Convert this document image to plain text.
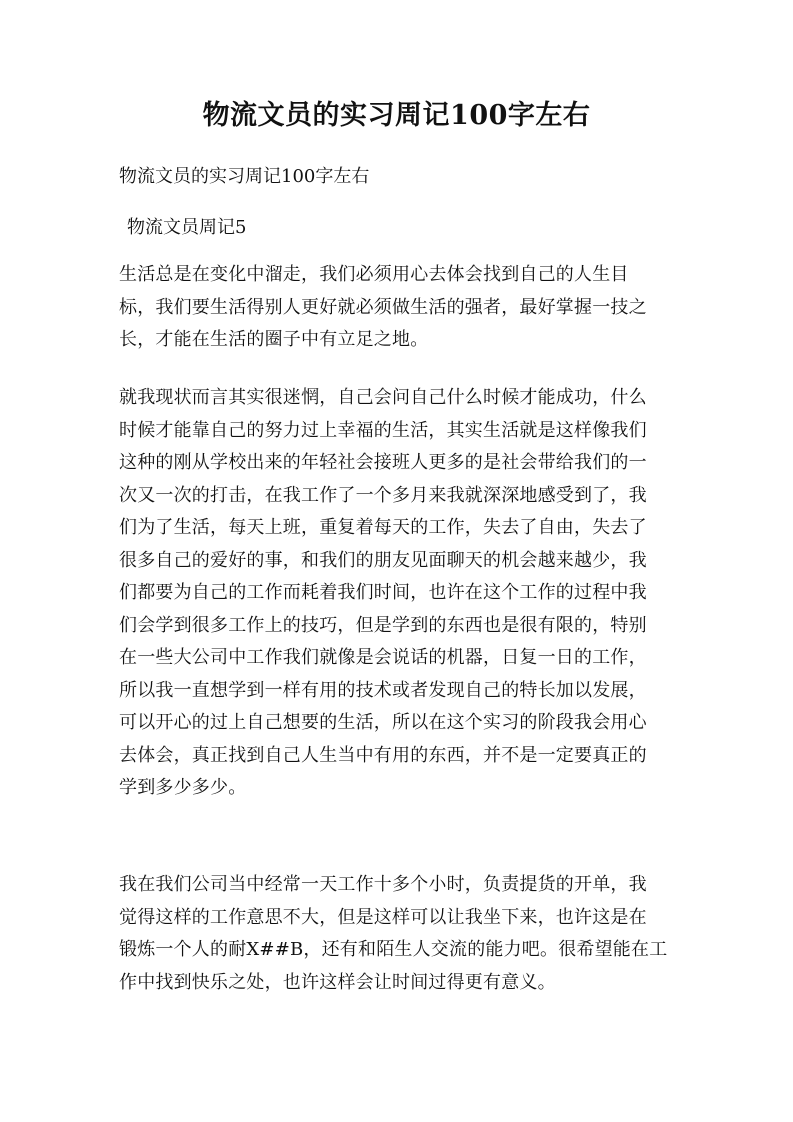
物流文员的实习周记100字左右

物流文员的实习周记100字左右

物流文员周记5

生活总是在变化中溜走，我们必须用心去体会找到自己的人生目
标，我们要生活得别人更好就必须做生活的强者，最好掌握一技之
长，才能在生活的圈子中有立足之地。
就我现状而言其实很迷惘，自己会问自己什么时候才能成功，什么
时候才能靠自己的努力过上幸福的生活，其实生活就是这样像我们
这种的刚从学校出来的年轻社会接班人更多的是社会带给我们的一
次又一次的打击，在我工作了一个多月来我就深深地感受到了，我
们为了生活，每天上班，重复着每天的工作，失去了自由，失去了
很多自己的爱好的事，和我们的朋友见面聊天的机会越来越少，我
们都要为自己的工作而耗着我们时间，也许在这个工作的过程中我
们会学到很多工作上的技巧，但是学到的东西也是很有限的，特别
在一些大公司中工作我们就像是会说话的机器，日复一日的工作，
所以我一直想学到一样有用的技术或者发现自己的特长加以发展，
可以开心的过上自己想要的生活，所以在这个实习的阶段我会用心
去体会，真正找到自己人生当中有用的东西，并不是一定要真正的
学到多少多少。
我在我们公司当中经常一天工作十多个小时，负责提货的开单，我
觉得这样的工作意思不大，但是这样可以让我坐下来，也许这是在
锻炼一个人的耐X##B，还有和陌生人交流的能力吧。很希望能在工
作中找到快乐之处，也许这样会让时间过得更有意义。
